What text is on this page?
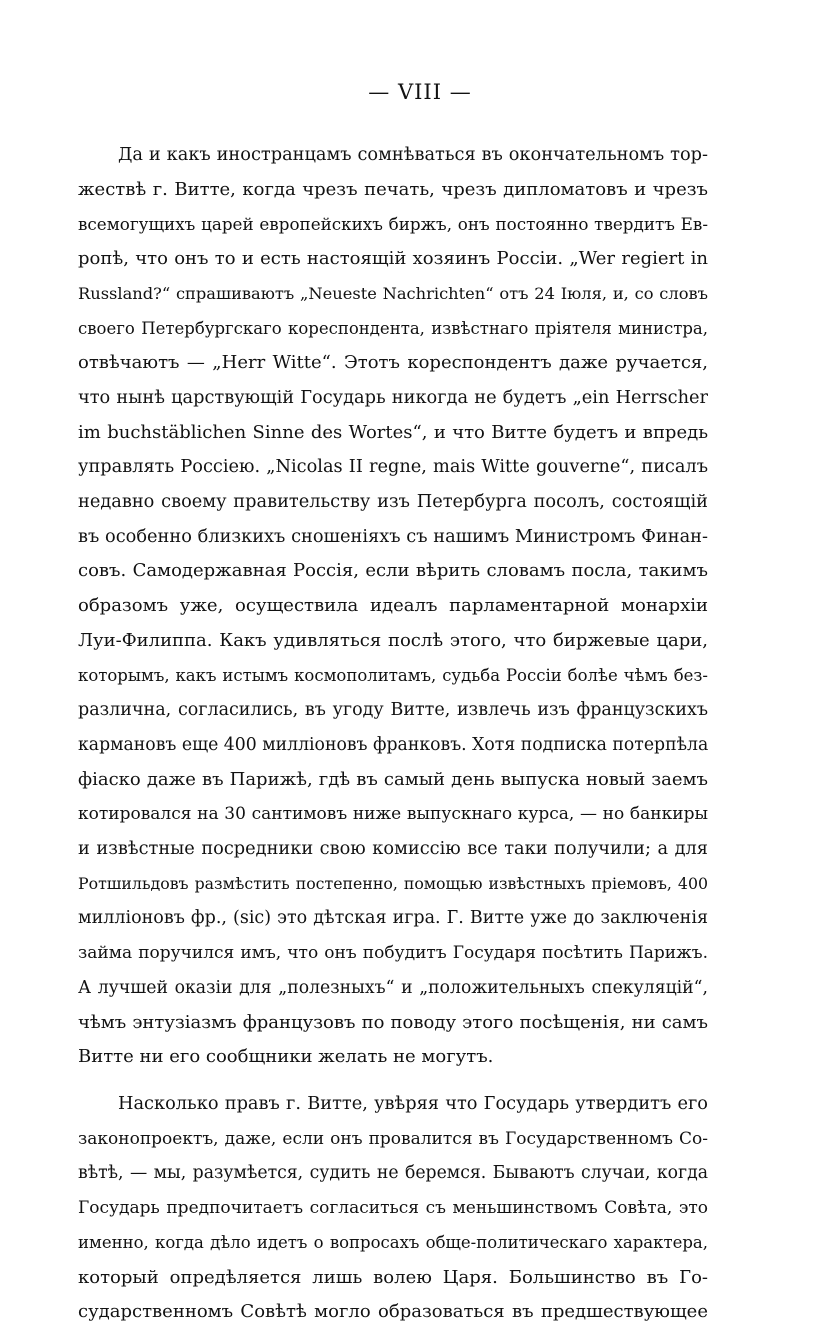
— VIII —

Да и какъ иностранцамъ сомнѣваться въ окончательномъ тор-
жествѣ г. Витте, когда чрезъ печать, чрезъ дипломатовъ и чрезъ
всемогущихъ царей европейскихъ биржъ, онъ постоянно твердитъ Ев-
ропѣ, что онъ то и есть настоящій хозяинъ Россіи. „Wer regiert in
Russland?“ спрашиваютъ „Neueste Nachrichten“ отъ 24 Іюля, и, со словъ
своего Петербургскаго кореспондента, извѣстнаго пріятеля министра,
отвѣчаютъ — „Herr Witte“. Этотъ кореспондентъ даже ручается,
что нынѣ царствующій Государь никогда не будетъ „ein Herrscher
im buchstäblichen Sinne des Wortes“, и что Витте будетъ и впредь
управлять Россіею. „Nicolas II regne, mais Witte gouverne“, писалъ
недавно своему правительству изъ Петербурга посолъ, состоящій
въ особенно близкихъ сношеніяхъ съ нашимъ Министромъ Финан-
совъ. Самодержавная Россія, если вѣрить словамъ посла, такимъ
образомъ уже, осуществила идеалъ парламентарной монархіи
Луи-Филиппа. Какъ удивляться послѣ этого, что биржевые цари,
которымъ, какъ истымъ космополитамъ, судьба Россіи болѣе чѣмъ без-
различна, согласились, въ угоду Витте, извлечь изъ французскихъ
кармановъ еще 400 милліоновъ франковъ. Хотя подписка потерпѣла
фіаско даже въ Парижѣ, гдѣ въ самый день выпуска новый заемъ
котировался на 30 сантимовъ ниже выпускнаго курса, — но банкиры
и извѣстные посредники свою комиссію все таки получили; а для
Ротшильдовъ размѣстить постепенно, помощью извѣстныхъ пріемовъ, 400
милліоновъ фр., (sic) это дѣтская игра. Г. Витте уже до заключенія
займа поручился имъ, что онъ побудитъ Государя посѣтить Парижъ.
А лучшей оказіи для „полезныхъ“ и „положительныхъ спекуляцій“,
чѣмъ энтузіазмъ французовъ по поводу этого посѣщенія, ни самъ
Витте ни его сообщники желать не могутъ.

Насколько правъ г. Витте, увѣряя что Государь утвердитъ его
законопроектъ, даже, если онъ провалится въ Государственномъ Со-
вѣтѣ, — мы, разумѣется, судить не беремся. Бываютъ случаи, когда
Государь предпочитаетъ согласиться съ меньшинствомъ Совѣта, это
именно, когда дѣло идетъ о вопросахъ обще-политическаго характера,
который опредѣляется лишь волею Царя. Большинство въ Го-
сударственномъ Совѣтѣ могло образоваться въ предшествующее
